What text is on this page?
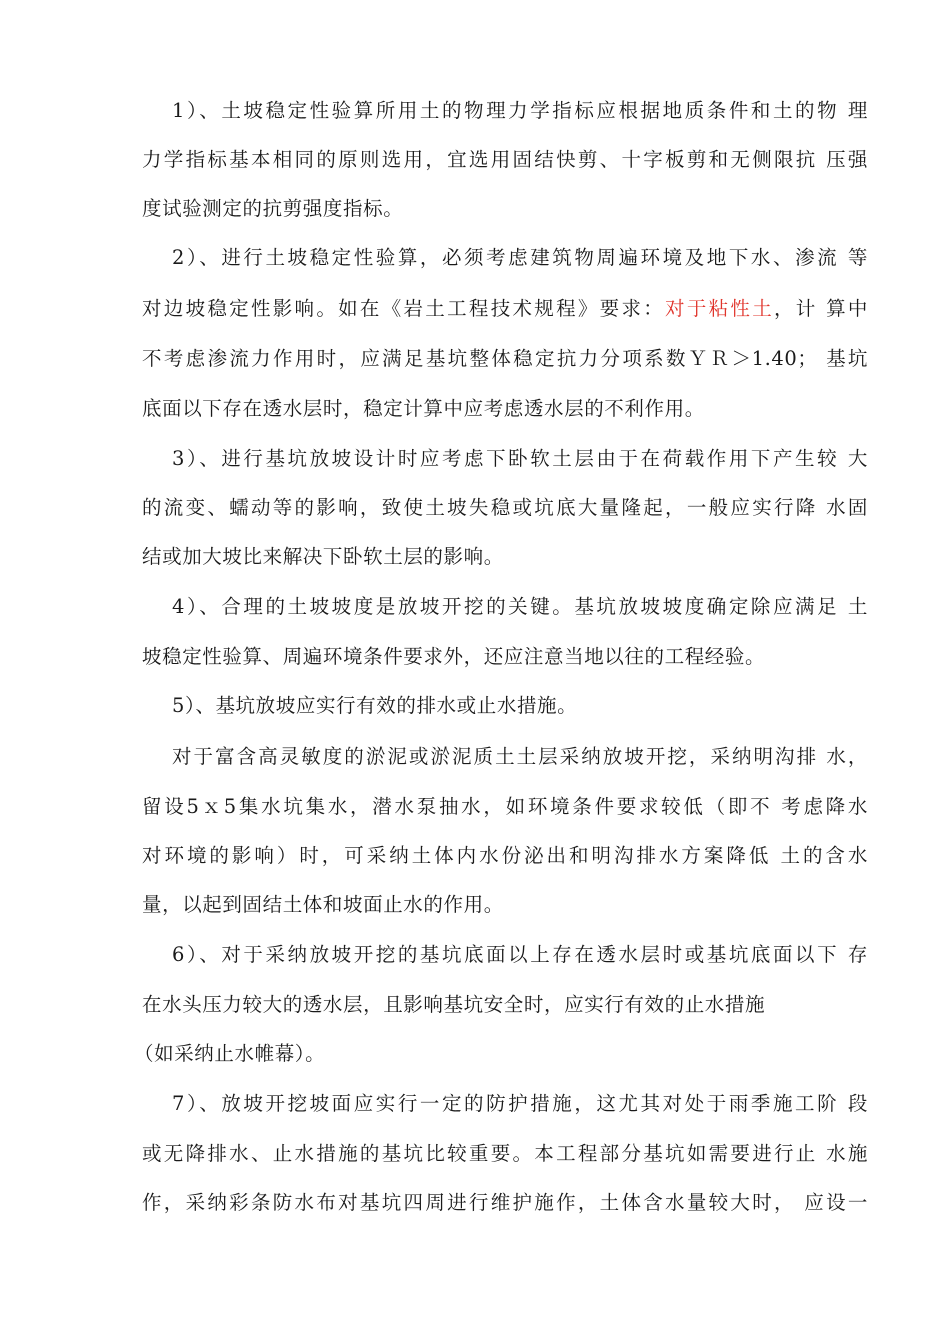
1）、土坡稳定性验算所用土的物理力学指标应根据地质条件和土的物 理
力学指标基本相同的原则选用，宜选用固结快剪、十字板剪和无侧限抗 压强
度试验测定的抗剪强度指标。
2）、进行土坡稳定性验算，必须考虑建筑物周遍环境及地下水、渗流 等
对边坡稳定性影响。如在《岩土工程技术规程》要求：对于粘性土，计 算中
不考虑渗流力作用时，应满足基坑整体稳定抗力分项系数ＹＲ＞1.40； 基坑
底面以下存在透水层时，稳定计算中应考虑透水层的不利作用。
3）、进行基坑放坡设计时应考虑下卧软土层由于在荷载作用下产生较 大
的流变、蠕动等的影响，致使土坡失稳或坑底大量隆起，一般应实行降 水固
结或加大坡比来解决下卧软土层的影响。
4）、合理的土坡坡度是放坡开挖的关键。基坑放坡坡度确定除应满足 土
坡稳定性验算、周遍环境条件要求外，还应注意当地以往的工程经验。
5）、基坑放坡应实行有效的排水或止水措施。
对于富含高灵敏度的淤泥或淤泥质土土层采纳放坡开挖，采纳明沟排 水，
留设5ｘ5集水坑集水，潜水泵抽水，如环境条件要求较低（即不 考虑降水
对环境的影响）时，可采纳土体内水份泌出和明沟排水方案降低 土的含水
量，以起到固结土体和坡面止水的作用。
6）、对于采纳放坡开挖的基坑底面以上存在透水层时或基坑底面以下 存
在水头压力较大的透水层，且影响基坑安全时，应实行有效的止水措施
（如采纳止水帷幕）。
7）、放坡开挖坡面应实行一定的防护措施，这尤其对处于雨季施工阶 段
或无降排水、止水措施的基坑比较重要。本工程部分基坑如需要进行止 水施
作，采纳彩条防水布对基坑四周进行维护施作，土体含水量较大时， 应设一
